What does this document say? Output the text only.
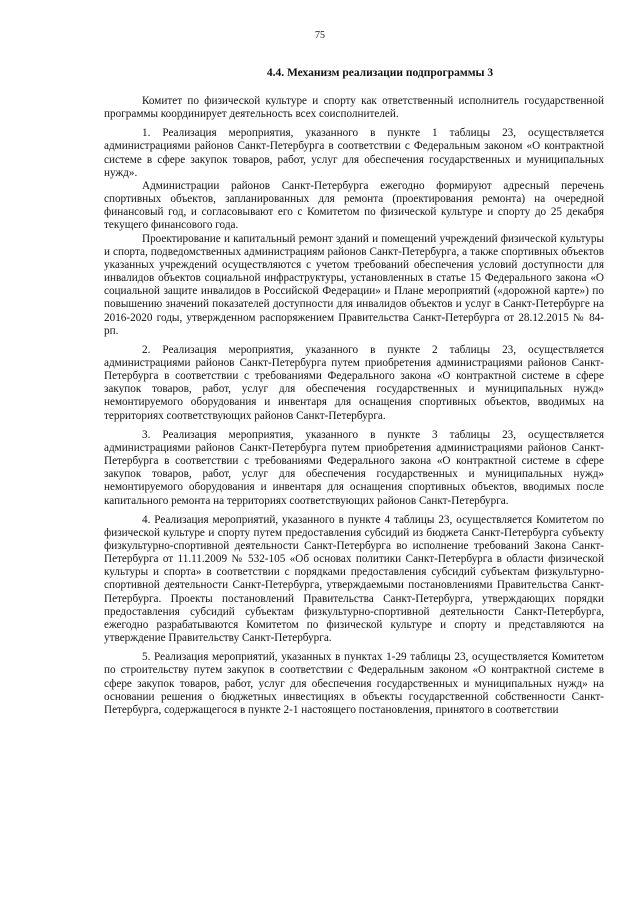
75
4.4. Механизм реализации подпрограммы 3

Комитет по физической культуре и спорту как ответственный исполнитель государственной программы координирует деятельность всех соисполнителей.

1. Реализация мероприятия, указанного в пункте 1 таблицы 23, осуществляется администрациями районов Санкт-Петербурга в соответствии с Федеральным законом «О контрактной системе в сфере закупок товаров, работ, услуг для обеспечения государственных и муниципальных нужд».

Администрации районов Санкт-Петербурга ежегодно формируют адресный перечень спортивных объектов, запланированных для ремонта (проектирования ремонта) на очередной финансовый год, и согласовывают его с Комитетом по физической культуре и спорту до 25 декабря текущего финансового года.

Проектирование и капитальный ремонт зданий и помещений учреждений физической культуры и спорта, подведомственных администрациям районов Санкт-Петербурга, а также спортивных объектов указанных учреждений осуществляются с учетом требований обеспечения условий доступности для инвалидов объектов социальной инфраструктуры, установленных в статье 15 Федерального закона «О социальной защите инвалидов в Российской Федерации» и Плане мероприятий («дорожной карте») по повышению значений показателей доступности для инвалидов объектов и услуг в Санкт-Петербурге на 2016-2020 годы, утвержденном распоряжением Правительства Санкт-Петербурга от 28.12.2015 № 84-рп.

2. Реализация мероприятия, указанного в пункте 2 таблицы 23, осуществляется администрациями районов Санкт-Петербурга путем приобретения администрациями районов Санкт-Петербурга в соответствии с требованиями Федерального закона «О контрактной системе в сфере закупок товаров, работ, услуг для обеспечения государственных и муниципальных нужд» немонтируемого оборудования и инвентаря для оснащения спортивных объектов, вводимых на территориях соответствующих районов Санкт-Петербурга.

3. Реализация мероприятия, указанного в пункте 3 таблицы 23, осуществляется администрациями районов Санкт-Петербурга путем приобретения администрациями районов Санкт-Петербурга в соответствии с требованиями Федерального закона «О контрактной системе в сфере закупок товаров, работ, услуг для обеспечения государственных и муниципальных нужд» немонтируемого оборудования и инвентаря для оснащения спортивных объектов, вводимых после капитального ремонта на территориях соответствующих районов Санкт-Петербурга.

4. Реализация мероприятий, указанного в пункте 4 таблицы 23, осуществляется Комитетом по физической культуре и спорту путем предоставления субсидий из бюджета Санкт-Петербурга субъекту физкультурно-спортивной деятельности Санкт-Петербурга во исполнение требований Закона Санкт-Петербурга от 11.11.2009 № 532-105 «Об основах политики Санкт-Петербурга в области физической культуры и спорта» в соответствии с порядками предоставления субсидий субъектам физкультурно-спортивной деятельности Санкт-Петербурга, утверждаемыми постановлениями Правительства Санкт-Петербурга. Проекты постановлений Правительства Санкт-Петербурга, утверждающих порядки предоставления субсидий субъектам физкультурно-спортивной деятельности Санкт-Петербурга, ежегодно разрабатываются Комитетом по физической культуре и спорту и представляются на утверждение Правительству Санкт-Петербурга.

5. Реализация мероприятий, указанных в пунктах 1-29 таблицы 23, осуществляется Комитетом по строительству путем закупок в соответствии с Федеральным законом «О контрактной системе в сфере закупок товаров, работ, услуг для обеспечения государственных и муниципальных нужд» на основании решения о бюджетных инвестициях в объекты государственной собственности Санкт-Петербурга, содержащегося в пункте 2-1 настоящего постановления, принятого в соответствии
